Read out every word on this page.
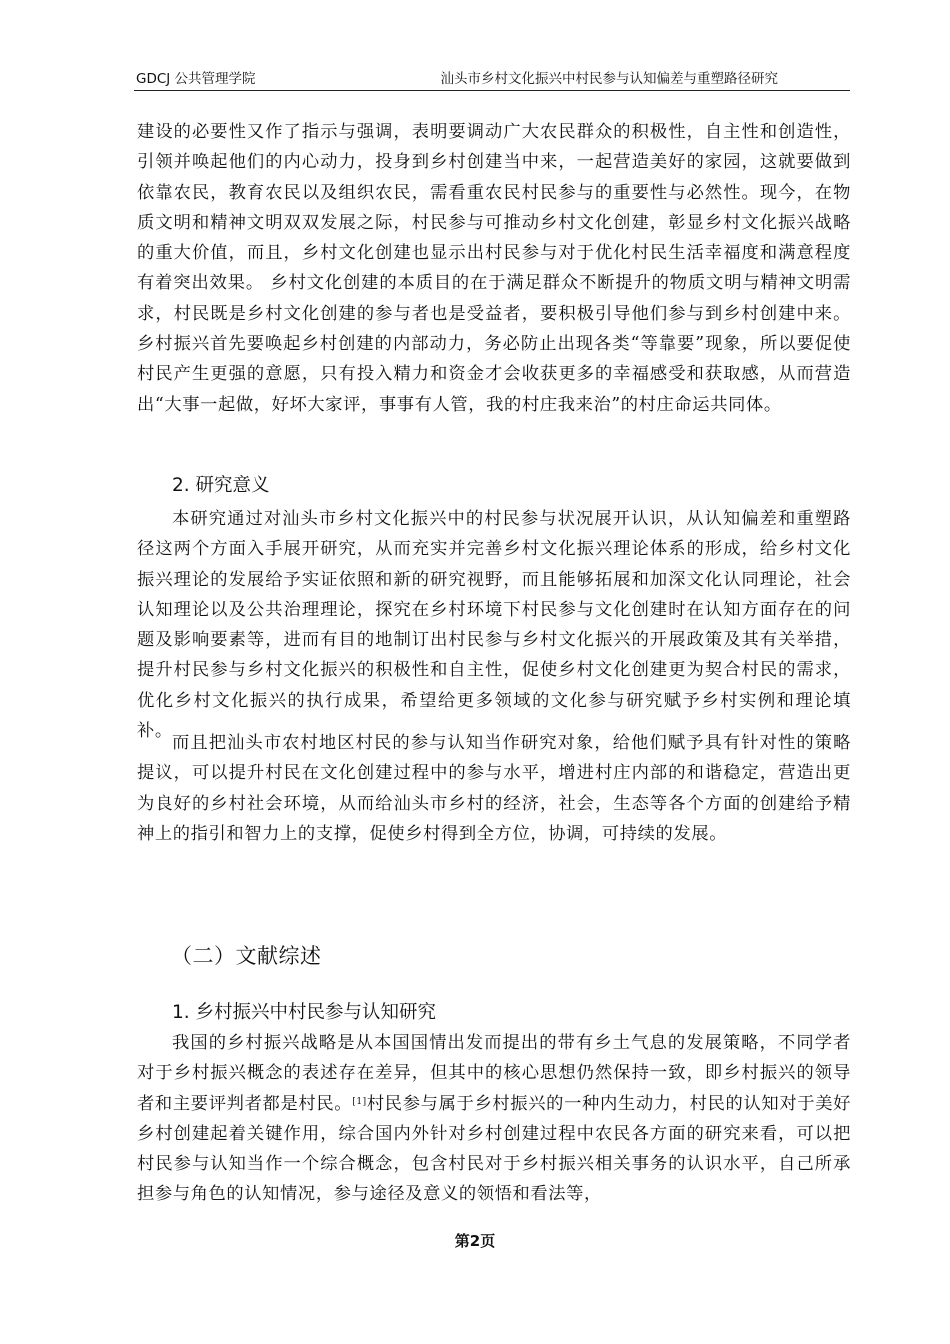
GDCJ 公共管理学院	汕头市乡村文化振兴中村民参与认知偏差与重塑路径研究
建设的必要性又作了指示与强调，表明要调动广大农民群众的积极性，自主性和创造性，引领并唤起他们的内心动力，投身到乡村创建当中来，一起营造美好的家园，这就要做到依靠农民，教育农民以及组织农民，需看重农民村民参与的重要性与必然性。现今，在物质文明和精神文明双双发展之际，村民参与可推动乡村文化创建，彰显乡村文化振兴战略的重大价值，而且，乡村文化创建也显示出村民参与对于优化村民生活幸福度和满意程度有着突出效果。 乡村文化创建的本质目的在于满足群众不断提升的物质文明与精神文明需求，村民既是乡村文化创建的参与者也是受益者，要积极引导他们参与到乡村创建中来。乡村振兴首先要唤起乡村创建的内部动力，务必防止出现各类“等靠要”现象，所以要促使村民产生更强的意愿，只有投入精力和资金才会收获更多的幸福感受和获取感，从而营造出“大事一起做，好坏大家评，事事有人管，我的村庄我来治”的村庄命运共同体。
2. 研究意义
本研究通过对汕头市乡村文化振兴中的村民参与状况展开认识，从认知偏差和重塑路径这两个方面入手展开研究，从而充实并完善乡村文化振兴理论体系的形成，给乡村文化振兴理论的发展给予实证依照和新的研究视野，而且能够拓展和加深文化认同理论，社会认知理论以及公共治理理论，探究在乡村环境下村民参与文化创建时在认知方面存在的问题及影响要素等，进而有目的地制订出村民参与乡村文化振兴的开展政策及其有关举措，提升村民参与乡村文化振兴的积极性和自主性，促使乡村文化创建更为契合村民的需求，优化乡村文化振兴的执行成果，希望给更多领域的文化参与研究赋予乡村实例和理论填补。
而且把汕头市农村地区村民的参与认知当作研究对象，给他们赋予具有针对性的策略提议，可以提升村民在文化创建过程中的参与水平，增进村庄内部的和谐稳定，营造出更为良好的乡村社会环境，从而给汕头市乡村的经济，社会，生态等各个方面的创建给予精神上的指引和智力上的支撑，促使乡村得到全方位，协调，可持续的发展。
（二）文献综述
1. 乡村振兴中村民参与认知研究
我国的乡村振兴战略是从本国国情出发而提出的带有乡土气息的发展策略，不同学者对于乡村振兴概念的表述存在差异，但其中的核心思想仍然保持一致，即乡村振兴的领导者和主要评判者都是村民。[1]村民参与属于乡村振兴的一种内生动力，村民的认知对于美好乡村创建起着关键作用，综合国内外针对乡村创建过程中农民各方面的研究来看，可以把村民参与认知当作一个综合概念，包含村民对于乡村振兴相关事务的认识水平，自己所承担参与角色的认知情况，参与途径及意义的领悟和看法等，
第2页
